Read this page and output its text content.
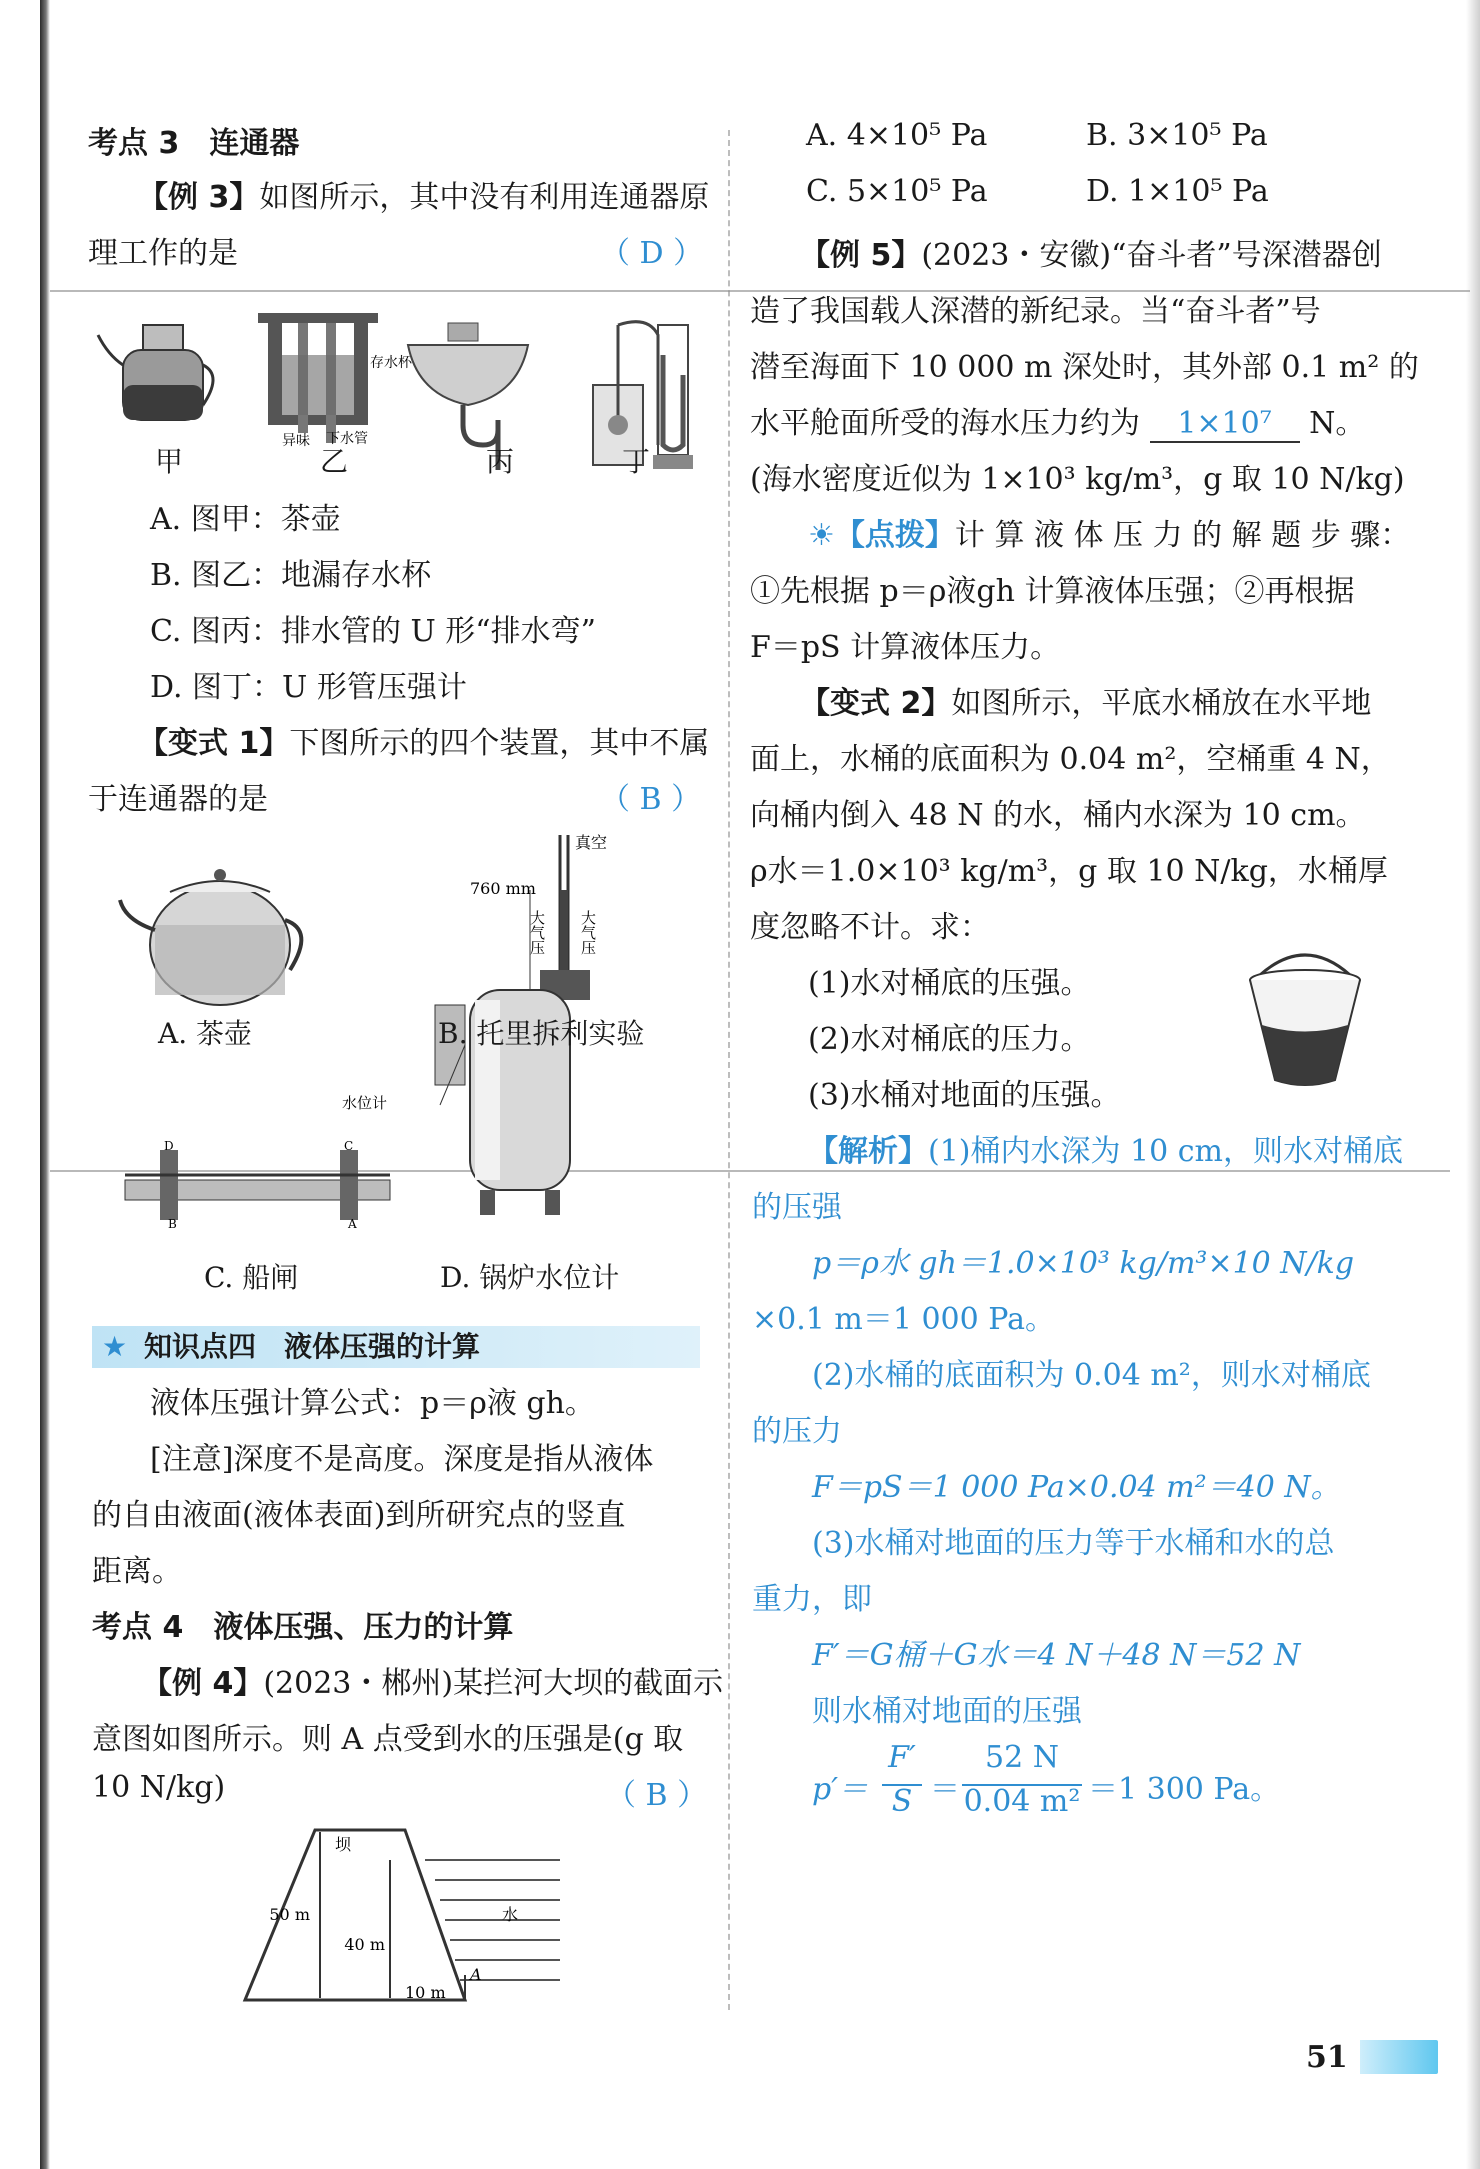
考点 3　连通器
【例 3】如图所示，其中没有利用连通器原
理工作的是	（ D ）
存水杯
异味 下水管
甲	乙	丙	丁
A. 图甲：茶壶
B. 图乙：地漏存水杯
C. 图丙：排水管的 U 形“排水弯”
D. 图丁：U 形管压强计
【变式 1】下图所示的四个装置，其中不属
于连通器的是	（ B ）
真空
760 mm
大气压 大气压
B	A
D	C
水位计
A. 茶壶	B. 托里拆利实验
C. 船闸	D. 锅炉水位计
★ 知识点四　液体压强的计算
液体压强计算公式：p＝ρ液 gh。
[注意]深度不是高度。深度是指从液体
的自由液面(液体表面)到所研究点的竖直
距离。
考点 4　液体压强、压力的计算
【例 4】(2023・郴州)某拦河大坝的截面示
意图如图所示。则 A 点受到水的压强是(g 取
10 N/kg)	（ B ）
坝
50 m
40 m
10 m
水
A
A. 4×10⁵ Pa	B. 3×10⁵ Pa
C. 5×10⁵ Pa	D. 1×10⁵ Pa
【例 5】(2023・安徽)“奋斗者”号深潜器创
造了我国载人深潜的新纪录。当“奋斗者”号
潜至海面下 10 000 m 深处时，其外部 0.1 m² 的
水平舱面所受的海水压力约为 1×10⁷ N。
(海水密度近似为 1×10³ kg/m³，g 取 10 N/kg)
☀【点拨】计 算 液 体 压 力 的 解 题 步 骤：
①先根据 p＝ρ液gh 计算液体压强；②再根据
F＝pS 计算液体压力。
【变式 2】如图所示，平底水桶放在水平地
面上，水桶的底面积为 0.04 m²，空桶重 4 N，
向桶内倒入 48 N 的水，桶内水深为 10 cm。
ρ水＝1.0×10³ kg/m³，g 取 10 N/kg，水桶厚
度忽略不计。求：
(1)水对桶底的压强。
(2)水对桶底的压力。
(3)水桶对地面的压强。
【解析】(1)桶内水深为 10 cm，则水对桶底
的压强
p＝ρ水 gh＝1.0×10³ kg/m³×10 N/kg
×0.1 m＝1 000 Pa。
(2)水桶的底面积为 0.04 m²，则水对桶底
的压力
F＝pS＝1 000 Pa×0.04 m²＝40 N。
(3)水桶对地面的压力等于水桶和水的总
重力，即
F′＝G桶＋G水＝4 N＋48 N＝52 N
则水桶对地面的压强
p′＝
F′
S ＝
52 N
0.04 m² ＝1 300 Pa。
51
